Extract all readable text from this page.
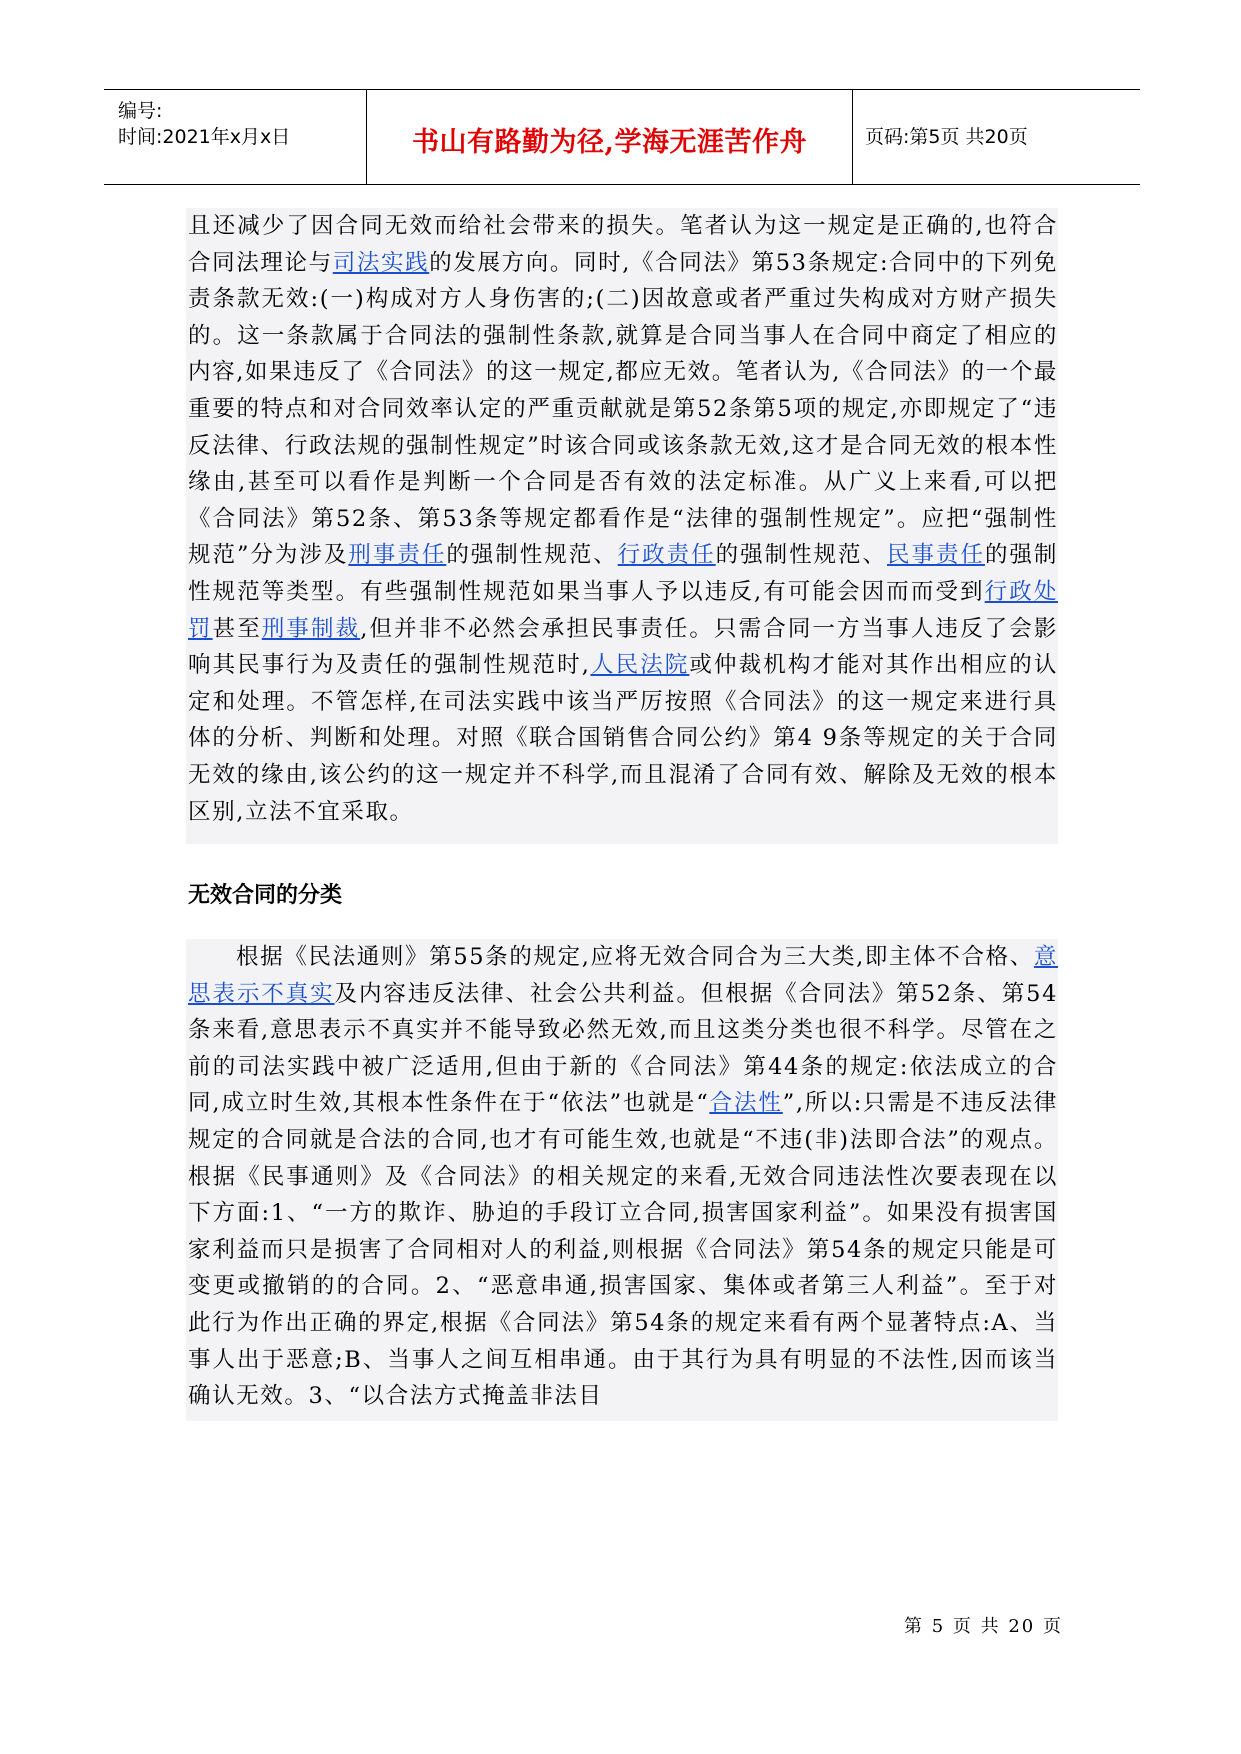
编号:
时间:2021年x月x日	书山有路勤为径,学海无涯苦作舟	页码:第5页 共20页

且还减少了因合同无效而给社会带来的损失。笔者认为这一规定是正确的,也符合合同法理论与司法实践的发展方向。同时,《合同法》第53条规定:合同中的下列免责条款无效:(一)构成对方人身伤害的;(二)因故意或者严重过失构成对方财产损失的。这一条款属于合同法的强制性条款,就算是合同当事人在合同中商定了相应的内容,如果违反了《合同法》的这一规定,都应无效。笔者认为,《合同法》的一个最重要的特点和对合同效率认定的严重贡献就是第52条第5项的规定,亦即规定了“违反法律、行政法规的强制性规定”时该合同或该条款无效,这才是合同无效的根本性缘由,甚至可以看作是判断一个合同是否有效的法定标准。从广义上来看,可以把《合同法》第52条、第53条等规定都看作是“法律的强制性规定”。应把“强制性规范”分为涉及刑事责任的强制性规范、行政责任的强制性规范、民事责任的强制性规范等类型。有些强制性规范如果当事人予以违反,有可能会因而而受到行政处罚甚至刑事制裁,但并非不必然会承担民事责任。只需合同一方当事人违反了会影响其民事行为及责任的强制性规范时,人民法院或仲裁机构才能对其作出相应的认定和处理。不管怎样,在司法实践中该当严厉按照《合同法》的这一规定来进行具体的分析、判断和处理。对照《联合国销售合同公约》第4 9条等规定的关于合同无效的缘由,该公约的这一规定并不科学,而且混淆了合同有效、解除及无效的根本区别,立法不宜采取。

无效合同的分类

根据《民法通则》第55条的规定,应将无效合同合为三大类,即主体不合格、意思表示不真实及内容违反法律、社会公共利益。但根据《合同法》第52条、第54条来看,意思表示不真实并不能导致必然无效,而且这类分类也很不科学。尽管在之前的司法实践中被广泛适用,但由于新的《合同法》第44条的规定:依法成立的合同,成立时生效,其根本性条件在于“依法”也就是“合法性”,所以:只需是不违反法律规定的合同就是合法的合同,也才有可能生效,也就是“不违(非)法即合法”的观点。根据《民事通则》及《合同法》的相关规定的来看,无效合同违法性次要表现在以下方面:1、“一方的欺诈、胁迫的手段订立合同,损害国家利益”。如果没有损害国家利益而只是损害了合同相对人的利益,则根据《合同法》第54条的规定只能是可变更或撤销的的合同。2、“恶意串通,损害国家、集体或者第三人利益”。至于对此行为作出正确的界定,根据《合同法》第54条的规定来看有两个显著特点:A、当事人出于恶意;B、当事人之间互相串通。由于其行为具有明显的不法性,因而该当确认无效。3、“以合法方式掩盖非法目

第 5 页 共 20 页
